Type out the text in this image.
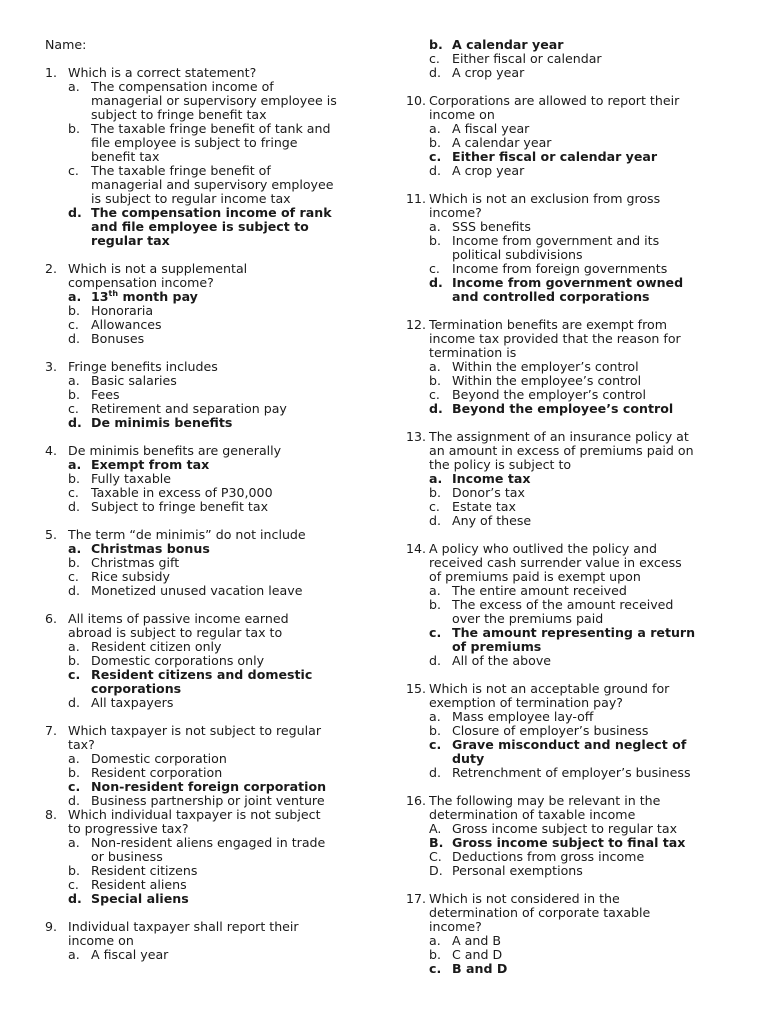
Name:
1. Which is a correct statement?
a. The compensation income of
managerial or supervisory employee is
subject to fringe benefit tax
b. The taxable fringe benefit of tank and
file employee is subject to fringe
benefit tax
c. The taxable fringe benefit of
managerial and supervisory employee
is subject to regular income tax
d. The compensation income of rank
and file employee is subject to
regular tax
2. Which is not a supplemental
compensation income?
a. 13th month pay
b. Honoraria
c. Allowances
d. Bonuses
3. Fringe benefits includes
a. Basic salaries
b. Fees
c. Retirement and separation pay
d. De minimis benefits
4. De minimis benefits are generally
a. Exempt from tax
b. Fully taxable
c. Taxable in excess of P30,000
d. Subject to fringe benefit tax
5. The term “de minimis” do not include
a. Christmas bonus
b. Christmas gift
c. Rice subsidy
d. Monetized unused vacation leave
6. All items of passive income earned
abroad is subject to regular tax to
a. Resident citizen only
b. Domestic corporations only
c. Resident citizens and domestic
corporations
d. All taxpayers
7. Which taxpayer is not subject to regular
tax?
a. Domestic corporation
b. Resident corporation
c. Non-resident foreign corporation
d. Business partnership or joint venture
8. Which individual taxpayer is not subject
to progressive tax?
a. Non-resident aliens engaged in trade
or business
b. Resident citizens
c. Resident aliens
d. Special aliens
9. Individual taxpayer shall report their
income on
a. A fiscal year
b. A calendar year
c. Either fiscal or calendar
d. A crop year
10. Corporations are allowed to report their
income on
a. A fiscal year
b. A calendar year
c. Either fiscal or calendar year
d. A crop year
11. Which is not an exclusion from gross
income?
a. SSS benefits
b. Income from government and its
political subdivisions
c. Income from foreign governments
d. Income from government owned
and controlled corporations
12. Termination benefits are exempt from
income tax provided that the reason for
termination is
a. Within the employer’s control
b. Within the employee’s control
c. Beyond the employer’s control
d. Beyond the employee’s control
13. The assignment of an insurance policy at
an amount in excess of premiums paid on
the policy is subject to
a. Income tax
b. Donor’s tax
c. Estate tax
d. Any of these
14. A policy who outlived the policy and
received cash surrender value in excess
of premiums paid is exempt upon
a. The entire amount received
b. The excess of the amount received
over the premiums paid
c. The amount representing a return
of premiums
d. All of the above
15. Which is not an acceptable ground for
exemption of termination pay?
a. Mass employee lay-off
b. Closure of employer’s business
c. Grave misconduct and neglect of
duty
d. Retrenchment of employer’s business
16. The following may be relevant in the
determination of taxable income
A. Gross income subject to regular tax
B. Gross income subject to final tax
C. Deductions from gross income
D. Personal exemptions
17. Which is not considered in the
determination of corporate taxable
income?
a. A and B
b. C and D
c. B and D
